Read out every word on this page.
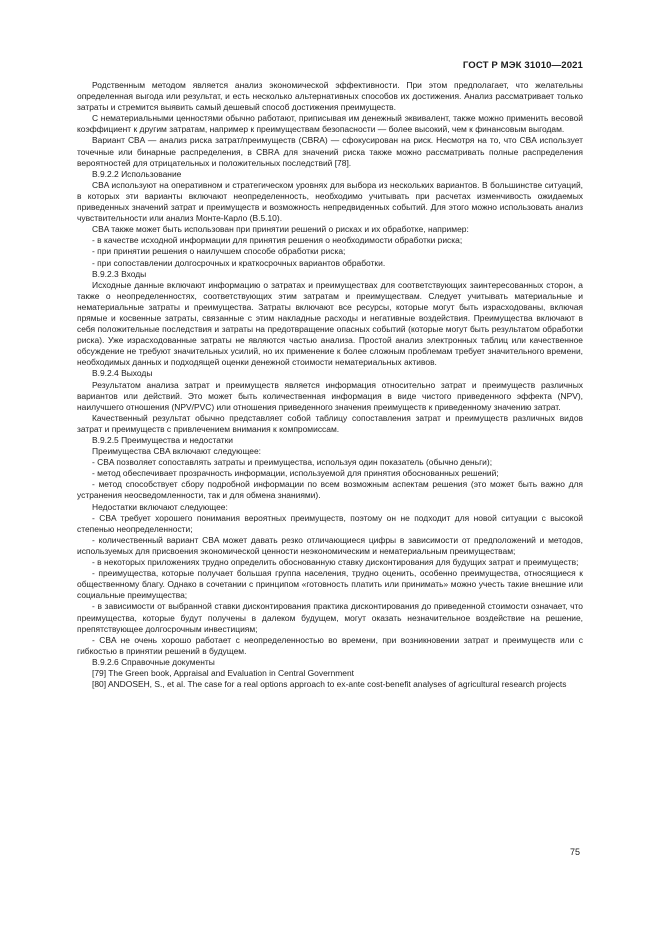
ГОСТ Р МЭК 31010—2021

Родственным методом является анализ экономической эффективности. При этом предполагает, что желательны определенная выгода или результат, и есть несколько альтернативных способов их достижения. Анализ рассматривает только затраты и стремится выявить самый дешевый способ достижения преимуществ.

С нематериальными ценностями обычно работают, приписывая им денежный эквивалент, также можно применить весовой коэффициент к другим затратам, например к преимуществам безопасности — более высокий, чем к финансовым выгодам.

Вариант CBA — анализ риска затрат/преимуществ (CBRA) — сфокусирован на риск. Несмотря на то, что CBA использует точечные или бинарные распределения, в CBRA для значений риска также можно рассматривать полные распределения вероятностей для отрицательных и положительных последствий [78].

В.9.2.2 Использование

CBA используют на оперативном и стратегическом уровнях для выбора из нескольких вариантов. В большинстве ситуаций, в которых эти варианты включают неопределенность, необходимо учитывать при расчетах изменчивость ожидаемых приведенных значений затрат и преимуществ и возможность непредвиденных событий. Для этого можно использовать анализ чувствительности или анализ Монте-Карло (В.5.10).

CBA также может быть использован при принятии решений о рисках и их обработке, например:

- в качестве исходной информации для принятия решения о необходимости обработки риска;

- при принятии решения о наилучшем способе обработки риска;

- при сопоставлении долгосрочных и краткосрочных вариантов обработки.

В.9.2.3 Входы

Исходные данные включают информацию о затратах и преимуществах для соответствующих заинтересованных сторон, а также о неопределенностях, соответствующих этим затратам и преимуществам. Следует учитывать материальные и нематериальные затраты и преимущества. Затраты включают все ресурсы, которые могут быть израсходованы, включая прямые и косвенные затраты, связанные с этим накладные расходы и негативные воздействия. Преимущества включают в себя положительные последствия и затраты на предотвращение опасных событий (которые могут быть результатом обработки риска). Уже израсходованные затраты не являются частью анализа. Простой анализ электронных таблиц или качественное обсуждение не требуют значительных усилий, но их применение к более сложным проблемам требует значительного времени, необходимых данных и подходящей оценки денежной стоимости нематериальных активов.

В.9.2.4 Выходы

Результатом анализа затрат и преимуществ является информация относительно затрат и преимуществ различных вариантов или действий. Это может быть количественная информация в виде чистого приведенного эффекта (NPV), наилучшего отношения (NPV/PVC) или отношения приведенного значения преимуществ к приведенному значению затрат.

Качественный результат обычно представляет собой таблицу сопоставления затрат и преимуществ различных видов затрат и преимуществ с привлечением внимания к компромиссам.

В.9.2.5 Преимущества и недостатки

Преимущества CBA включают следующее:

- CBA позволяет сопоставлять затраты и преимущества, используя один показатель (обычно деньги);

- метод обеспечивает прозрачность информации, используемой для принятия обоснованных решений;

- метод способствует сбору подробной информации по всем возможным аспектам решения (это может быть важно для устранения неосведомленности, так и для обмена знаниями).

Недостатки включают следующее:

- CBA требует хорошего понимания вероятных преимуществ, поэтому он не подходит для новой ситуации с высокой степенью неопределенности;

- количественный вариант CBA может давать резко отличающиеся цифры в зависимости от предположений и методов, используемых для присвоения экономической ценности неэкономическим и нематериальным преимуществам;

- в некоторых приложениях трудно определить обоснованную ставку дисконтирования для будущих затрат и преимуществ;

- преимущества, которые получает большая группа населения, трудно оценить, особенно преимущества, относящиеся к общественному благу. Однако в сочетании с принципом «готовность платить или принимать» можно учесть такие внешние или социальные преимущества;

- в зависимости от выбранной ставки дисконтирования практика дисконтирования до приведенной стоимости означает, что преимущества, которые будут получены в далеком будущем, могут оказать незначительное воздействие на решение, препятствующее долгосрочным инвестициям;

- CBA не очень хорошо работает с неопределенностью во времени, при возникновении затрат и преимуществ или с гибкостью в принятии решений в будущем.

В.9.2.6 Справочные документы

[79] The Green book, Appraisal and Evaluation in Central Government

[80] ANDOSEH, S., et al. The case for a real options approach to ex-ante cost-benefit analyses of agricultural research projects

75
